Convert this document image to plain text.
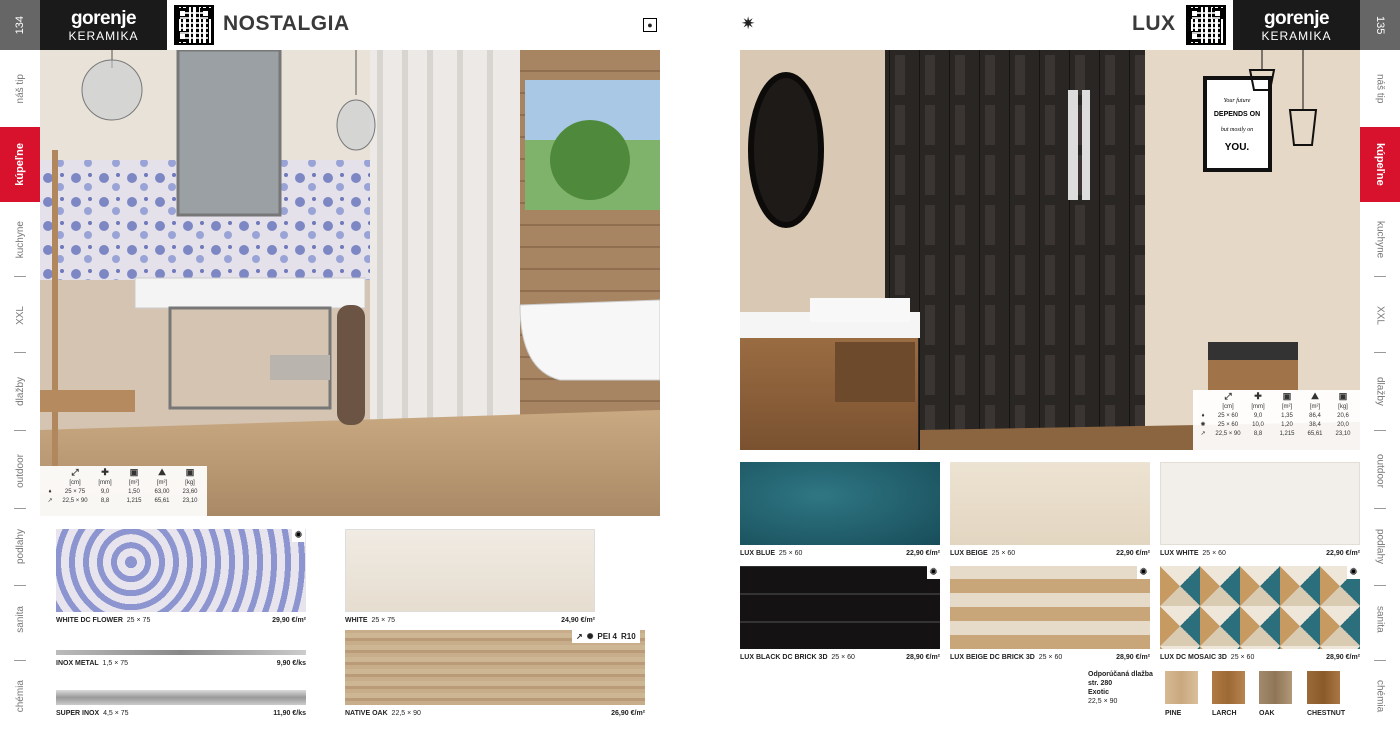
134
náš tip
kúpeľne
kuchyne
XXL
dlažby
outdoor
podlahy
sanita
chémia
135
náš tip
kúpeľne
kuchyne
XXL
dlažby
outdoor
podlahy
sanita
chémia
gorenje
KERAMIKA
NOSTALGIA	●	✷	LUX	gorenje
KERAMIKA
⤢	✚	▣	⛰	▣
[cm]	[mm]	[m²]	[m²]	[kg]
♦	25 × 75	9,0	1,50	63,00	23,60
↗	22,5 × 90	8,8	1,215	65,61	23,10
✺
WHITE DC FLOWER 25 × 75	29,90 €/m²	WHITE 25 × 75	24,90 €/m²
INOX METAL 1,5 × 75	9,90 €/ks
↗ ✺ PEI 4 R10
NATIVE OAK 22,5 × 90	26,90 €/m²
SUPER INOX 4,5 × 75	11,90 €/ks
Your future
DEPENDS ON
but mostly on
YOU.
⤢	✚	▣	⛰	▣
[cm]	[mm]	[m²]	[m²]	[kg]
♦	25 × 60	9,0	1,35	86,4	20,6
✺	25 × 60	10,0	1,20	38,4	20,0
↗	22,5 × 90	8,8	1,215	65,61	23,10
LUX BLUE 25 × 60	22,90 €/m² LUX BEIGE 25 × 60	22,90 €/m² LUX WHITE 25 × 60	22,90 €/m²
✺
LUX BLACK DC BRICK 3D 25 × 60	28,90 €/m²
✺
LUX BEIGE DC BRICK 3D 25 × 60	28,90 €/m²
✺
LUX DC MOSAIC 3D 25 × 60	28,90 €/m²
Odporúčaná dlažba
str. 280
Exotic
22,5 × 90
PINE	LARCH	OAK	CHESTNUT
